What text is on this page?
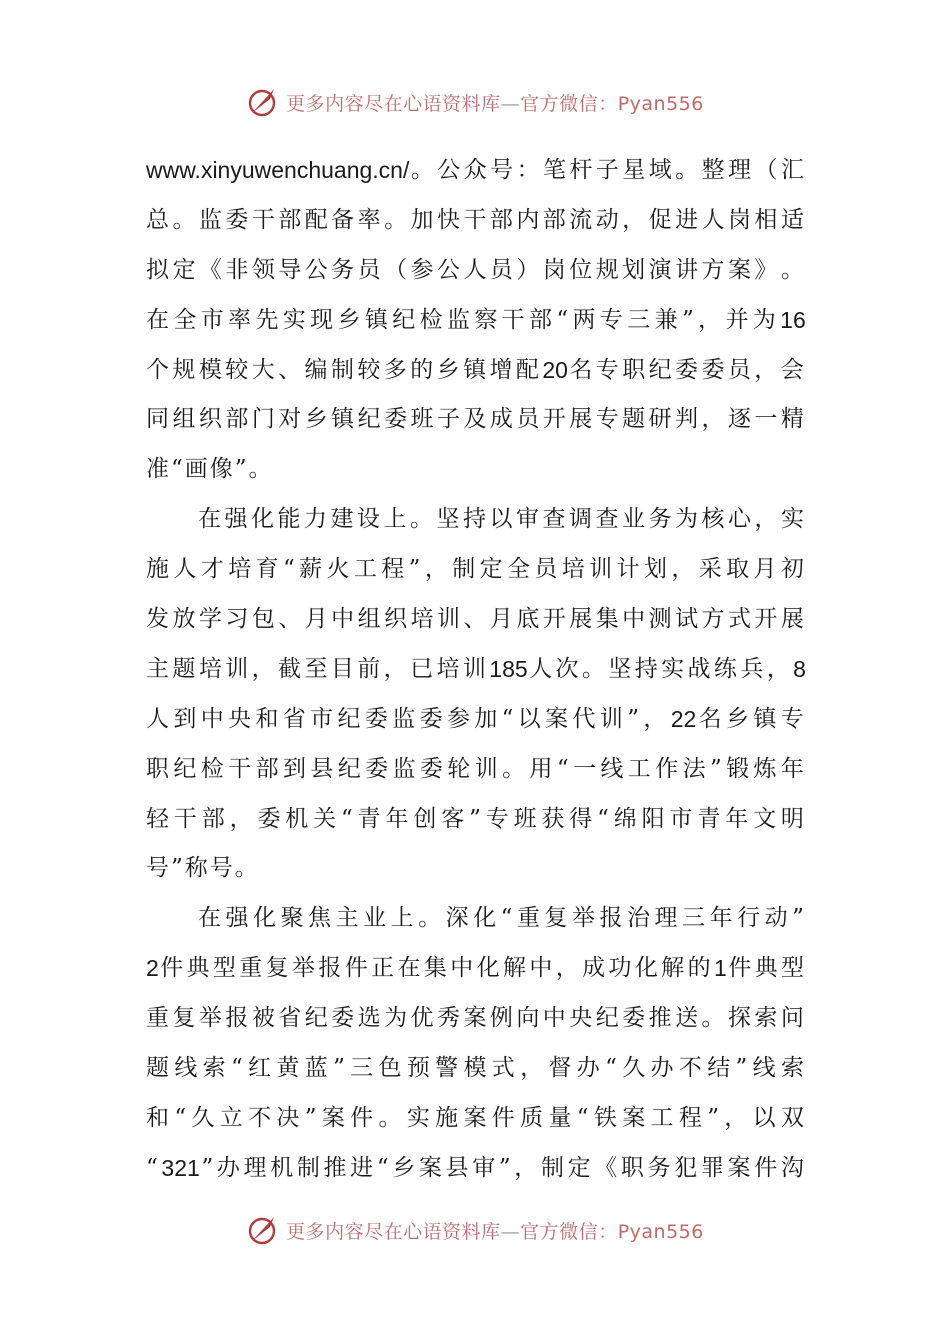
更多内容尽在心语资料库—官方微信：Pyan556
www.xinyuwenchuang.cn/ 。 公 众 号 ： 笔 杆 子 星 域 。 整 理 （ 汇
总 。 监 委 干 部 配 备 率 。 加 快 干 部 内 部 流 动 ， 促 进 人 岗 相 适
拟 定 《 非 领 导 公 务 员 （ 参 公 人 员 ） 岗 位 规 划 演 讲 方 案 》 。
在 全 市 率 先 实 现 乡 镇 纪 检 监 察 干 部 “ 两 专 三 兼 ” ， 并 为 16
个 规 模 较 大 、 编 制 较 多 的 乡 镇 增 配 20 名 专 职 纪 委 委 员 ， 会
同 组 织 部 门 对 乡 镇 纪 委 班 子 及 成 员 开 展 专 题 研 判 ， 逐 一 精
准 “ 画 像 ” 。
在 强 化 能 力 建 设 上 。 坚 持 以 审 查 调 查 业 务 为 核 心 ， 实
施 人 才 培 育 “ 薪 火 工 程 ” ， 制 定 全 员 培 训 计 划 ， 采 取 月 初
发 放 学 习 包 、 月 中 组 织 培 训 、 月 底 开 展 集 中 测 试 方 式 开 展
主 题 培 训 ， 截 至 目 前 ， 已 培 训 185 人 次 。 坚 持 实 战 练 兵 ， 8
人 到 中 央 和 省 市 纪 委 监 委 参 加 “ 以 案 代 训 ” ， 22 名 乡 镇 专
职 纪 检 干 部 到 县 纪 委 监 委 轮 训 。 用 “ 一 线 工 作 法 ” 锻 炼 年
轻 干 部 ， 委 机 关 “ 青 年 创 客 ” 专 班 获 得 “ 绵 阳 市 青 年 文 明
号 ” 称 号 。
在 强 化 聚 焦 主 业 上 。 深 化 “ 重 复 举 报 治 理 三 年 行 动 ”
2 件 典 型 重 复 举 报 件 正 在 集 中 化 解 中 ， 成 功 化 解 的 1 件 典 型
重 复 举 报 被 省 纪 委 选 为 优 秀 案 例 向 中 央 纪 委 推 送 。 探 索 问
题 线 索 “ 红 黄 蓝 ” 三 色 预 警 模 式 ， 督 办 “ 久 办 不 结 ” 线 索
和 “ 久 立 不 决 ” 案 件 。 实 施 案 件 质 量 “ 铁 案 工 程 ” ， 以 双
“ 321 ” 办 理 机 制 推 进 “ 乡 案 县 审 ” ， 制 定 《 职 务 犯 罪 案 件 沟
更多内容尽在心语资料库—官方微信：Pyan556
